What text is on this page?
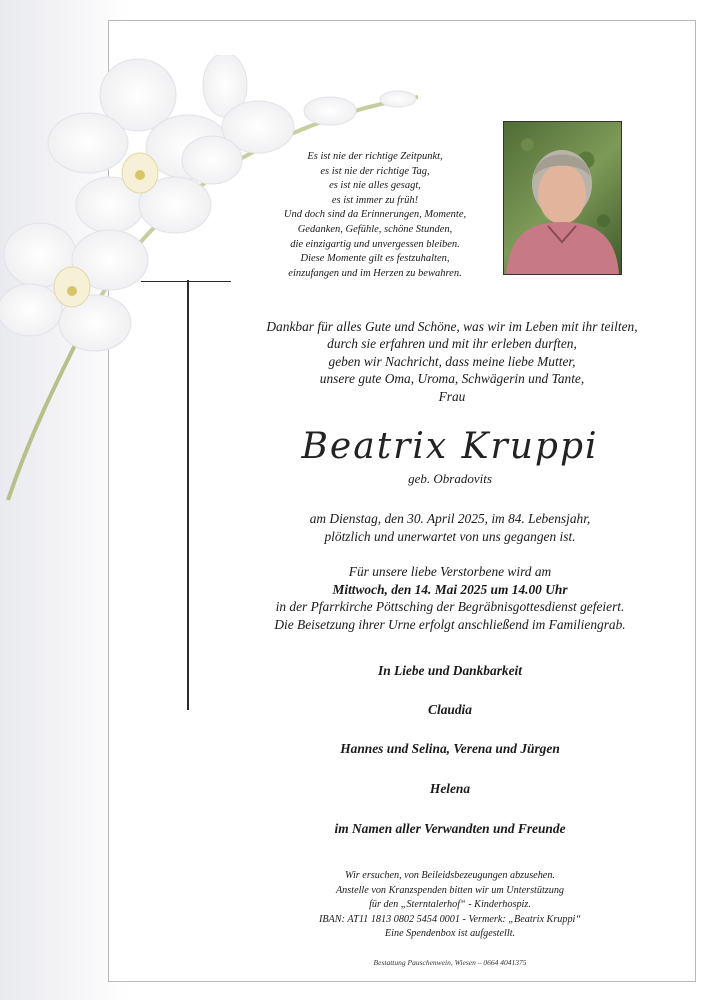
Es ist nie der richtige Zeitpunkt,
es ist nie der richtige Tag,
es ist nie alles gesagt,
es ist immer zu früh!
Und doch sind da Erinnerungen, Momente,
Gedanken, Gefühle, schöne Stunden,
die einzigartig und unvergessen bleiben.
Diese Momente gilt es festzuhalten,
einzufangen und im Herzen zu bewahren.
Dankbar für alles Gute und Schöne, was wir im Leben mit ihr teilten,
durch sie erfahren und mit ihr erleben durften,
geben wir Nachricht, dass meine liebe Mutter,
unsere gute Oma, Uroma, Schwägerin und Tante,
Frau
Beatrix Kruppi
geb. Obradovits
am Dienstag, den 30. April 2025, im 84. Lebensjahr,
plötzlich und unerwartet von uns gegangen ist.
Für unsere liebe Verstorbene wird am
Mittwoch, den 14. Mai 2025 um 14.00 Uhr
in der Pfarrkirche Pöttsching der Begräbnisgottesdienst gefeiert.
Die Beisetzung ihrer Urne erfolgt anschließend im Familiengrab.
In Liebe und Dankbarkeit
Claudia
Hannes und Selina, Verena und Jürgen
Helena
im Namen aller Verwandten und Freunde
Wir ersuchen, von Beileidsbezeugungen abzusehen.
Anstelle von Kranzspenden bitten wir um Unterstützung
für den „Sterntalerhof“ - Kinderhospiz.
IBAN: AT11 1813 0802 5454 0001 - Vermerk: „Beatrix Kruppi“
Eine Spendenbox ist aufgestellt.
Bestattung Pauschenwein, Wiesen – 0664 4041375
